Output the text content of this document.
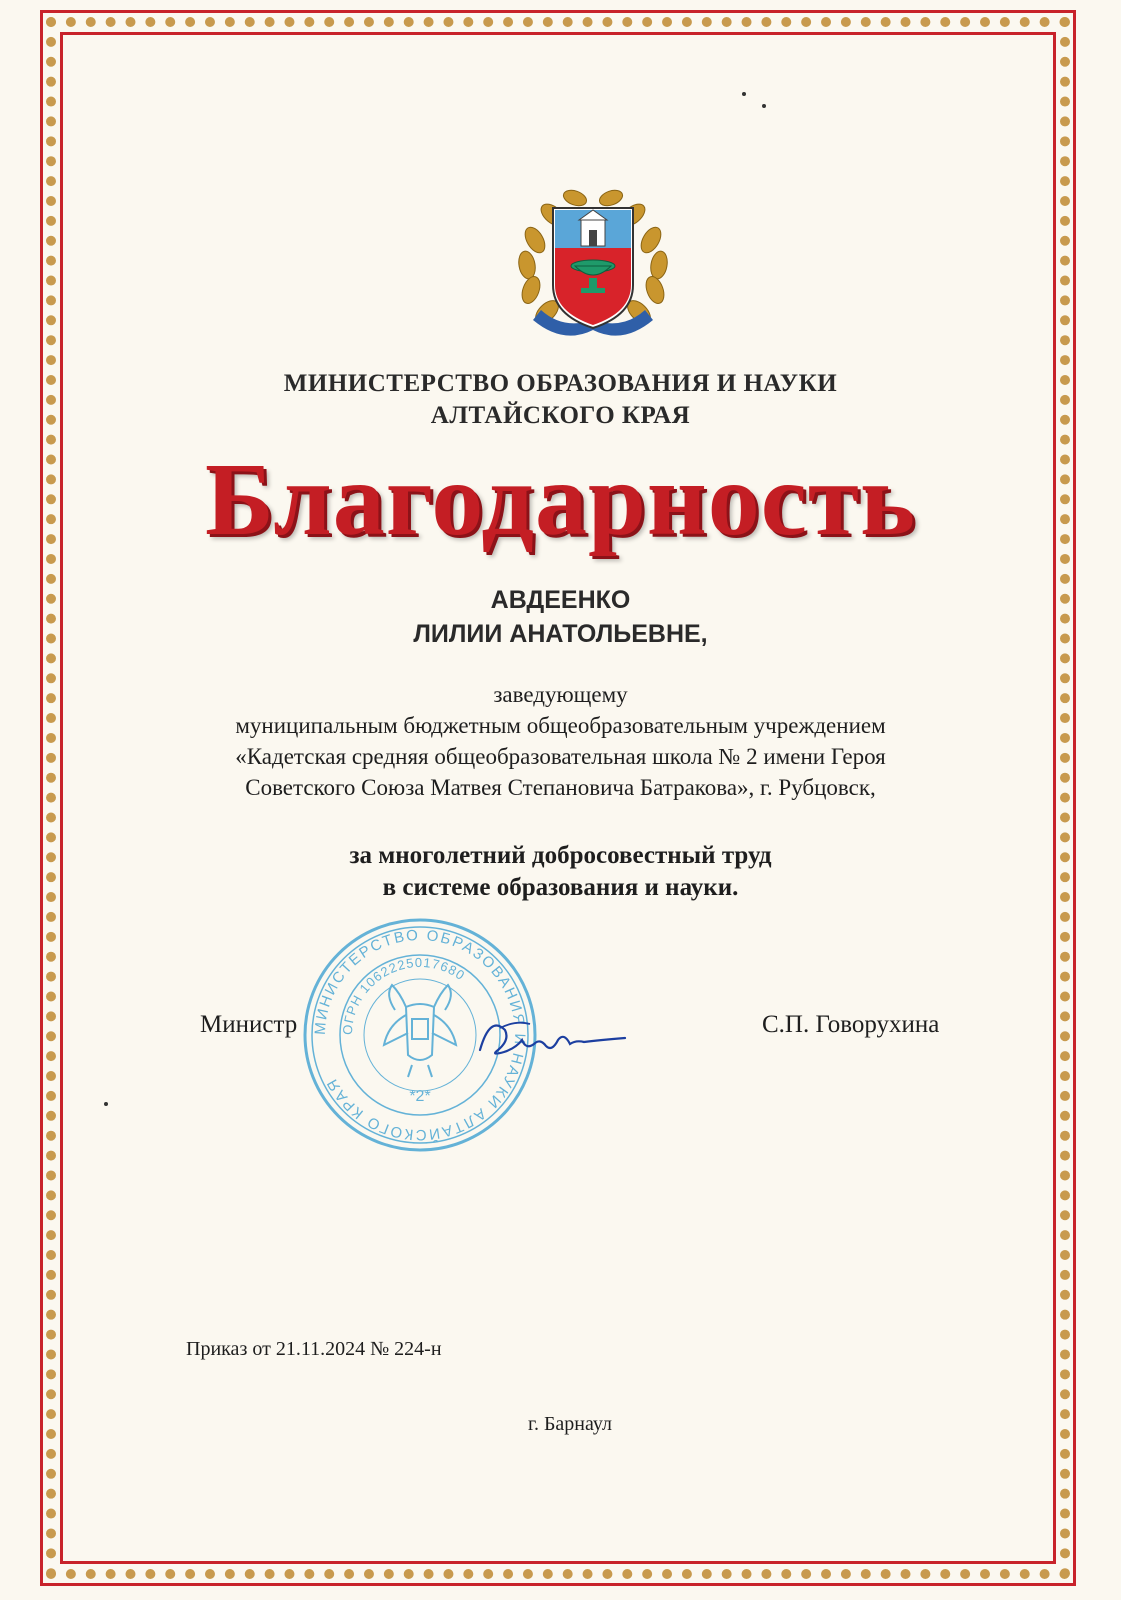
МИНИСТЕРСТВО ОБРАЗОВАНИЯ И НАУКИ
АЛТАЙСКОГО КРАЯ
Благодарность
АВДЕЕНКО
ЛИЛИИ АНАТОЛЬЕВНЕ,
заведующему
муниципальным бюджетным общеобразовательным учреждением
«Кадетская средняя общеобразовательная школа № 2 имени Героя
Советского Союза Матвея Степановича Батракова», г. Рубцовск,
за многолетний добросовестный труд
в системе образования и науки.
МИНИСТЕРСТВО ОБРАЗОВАНИЯ И НАУКИ АЛТАЙСКОГО КРАЯ
ОГРН 1062225017680
*2*
Министр	С.П. Говорухина
Приказ от 21.11.2024 № 224-н
г. Барнаул
